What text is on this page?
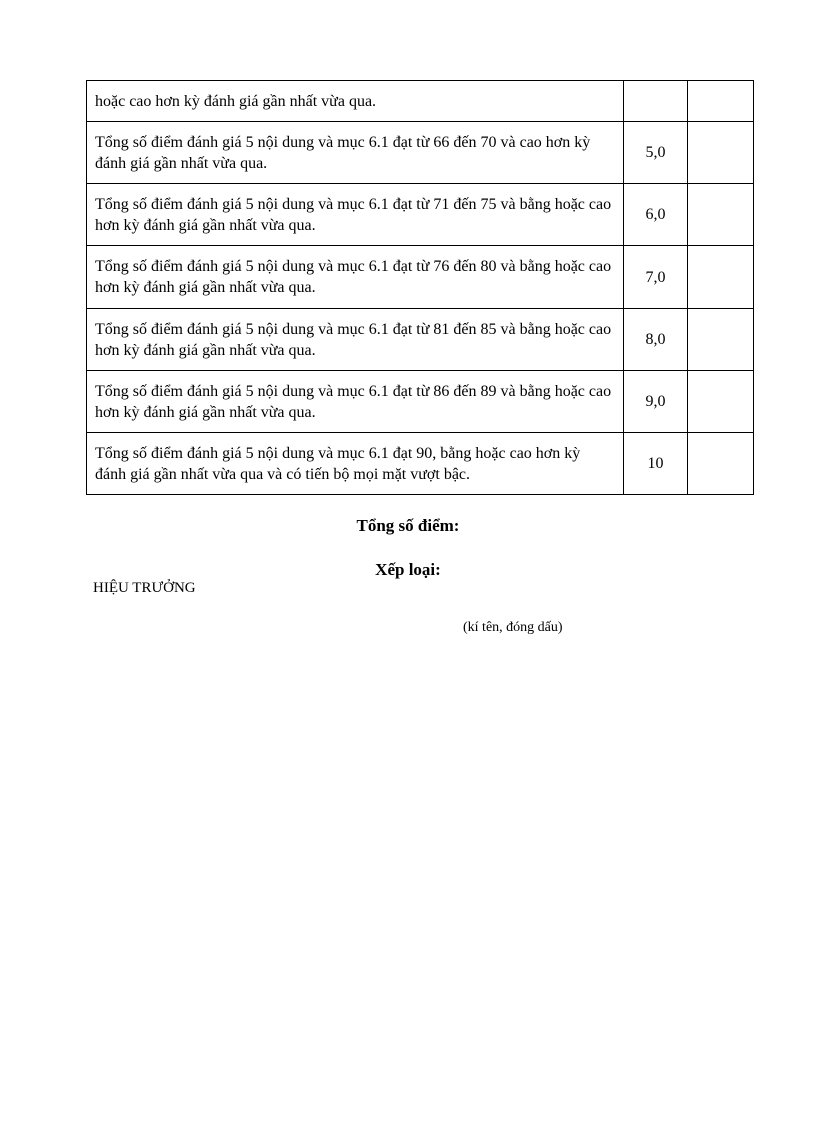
hoặc cao hơn kỳ đánh giá gần nhất vừa qua.		
Tổng số điểm đánh giá 5 nội dung và mục 6.1 đạt từ 66 đến 70 và cao hơn kỳ đánh giá gần nhất vừa qua.	5,0	
Tổng số điểm đánh giá 5 nội dung và mục 6.1 đạt từ 71 đến 75 và bằng hoặc cao hơn kỳ đánh giá gần nhất vừa qua.	6,0	
Tổng số điểm đánh giá 5 nội dung và mục 6.1 đạt từ 76 đến 80 và bằng hoặc cao hơn kỳ đánh giá gần nhất vừa qua.	7,0	
Tổng số điểm đánh giá 5 nội dung và mục 6.1 đạt từ 81 đến 85 và bằng hoặc cao hơn kỳ đánh giá gần nhất vừa qua.	8,0	
Tổng số điểm đánh giá 5 nội dung và mục 6.1 đạt từ 86 đến 89 và bằng hoặc cao hơn kỳ đánh giá gần nhất vừa qua.	9,0	
Tổng số điểm đánh giá 5 nội dung và mục 6.1 đạt 90, bằng hoặc cao hơn kỳ đánh giá gần nhất vừa qua và có tiến bộ mọi mặt vượt bậc.	10	
Tổng số điểm:
Xếp loại:
HIỆU TRƯỞNG
(kí tên, đóng dấu)
